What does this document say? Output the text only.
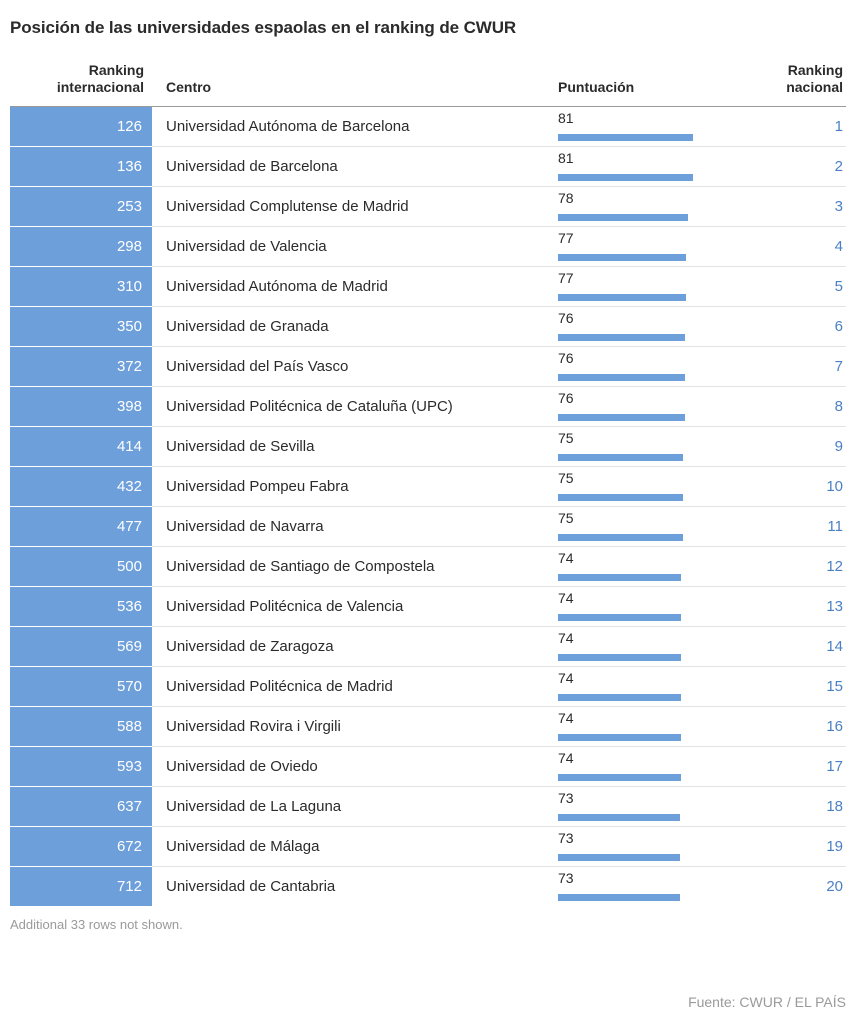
Posición de las universidades espaolas en el ranking de CWUR
Ranking
internacional	Centro	Puntuación	
Ranking
nacional

126	Universidad Autónoma de Barcelona	81	1
136	Universidad de Barcelona	81	2
253	Universidad Complutense de Madrid	78	3
298	Universidad de Valencia	77	4
310	Universidad Autónoma de Madrid	77	5
350	Universidad de Granada	76	6
372	Universidad del País Vasco	76	7
398	Universidad Politécnica de Cataluña (UPC)	76	8
414	Universidad de Sevilla	75	9
432	Universidad Pompeu Fabra	75	10
477	Universidad de Navarra	75	11
500	Universidad de Santiago de Compostela	74	12
536	Universidad Politécnica de Valencia	74	13
569	Universidad de Zaragoza	74	14
570	Universidad Politécnica de Madrid	74	15
588	Universidad Rovira i Virgili	74	16
593	Universidad de Oviedo	74	17
637	Universidad de La Laguna	73	18
672	Universidad de Málaga	73	19
712	Universidad de Cantabria	73	20
Additional 33 rows not shown.
Fuente: CWUR / EL PAÍS
